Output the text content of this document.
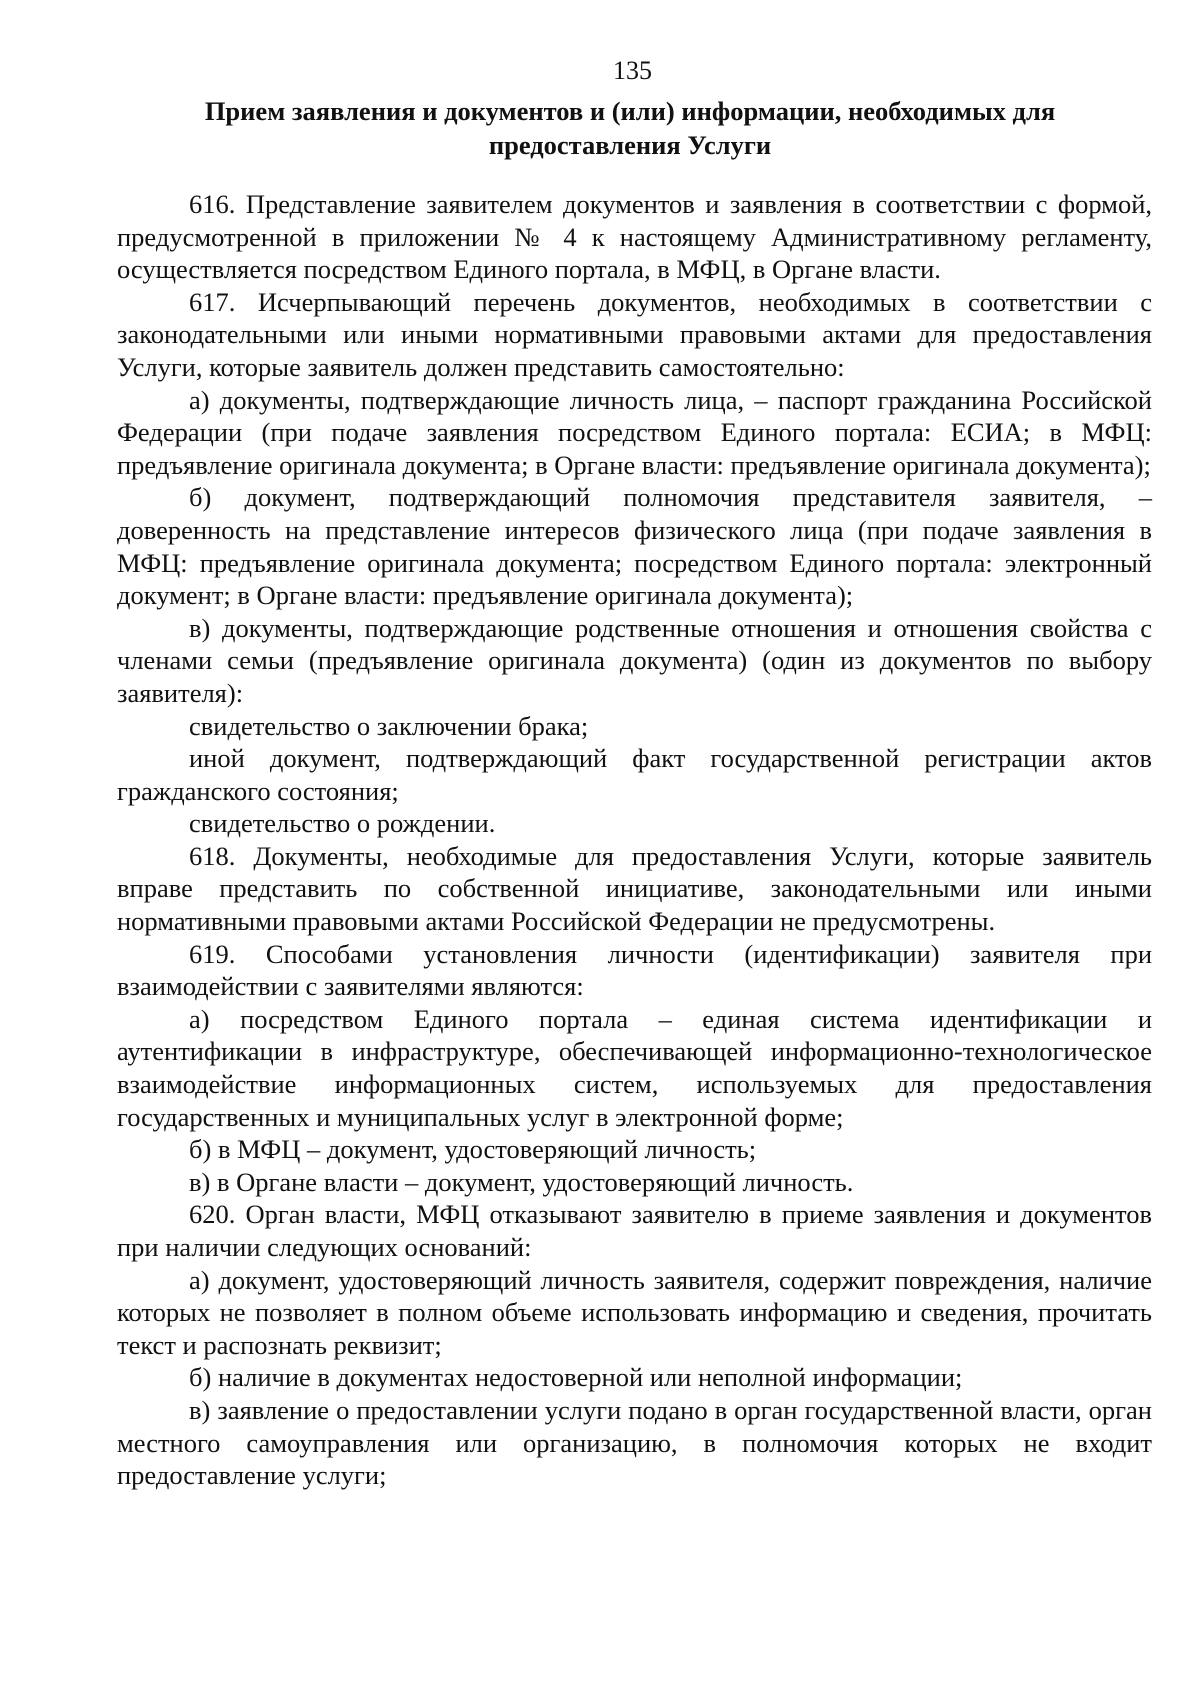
135
Прием заявления и документов и (или) информации, необходимых для
предоставления Услуги

616. Представление заявителем документов и заявления в соответствии с формой, предусмотренной в приложении № 4 к настоящему Административному регламенту, осуществляется посредством Единого портала, в МФЦ, в Органе власти.

617. Исчерпывающий перечень документов, необходимых в соответствии с законодательными или иными нормативными правовыми актами для предоставления Услуги, которые заявитель должен представить самостоятельно:

а) документы, подтверждающие личность лица, – паспорт гражданина Российской Федерации (при подаче заявления посредством Единого портала: ЕСИА; в МФЦ: предъявление оригинала документа; в Органе власти: предъявление оригинала документа);

б) документ, подтверждающий полномочия представителя заявителя, – доверенность на представление интересов физического лица (при подаче заявления в МФЦ: предъявление оригинала документа; посредством Единого портала: электронный документ; в Органе власти: предъявление оригинала документа);

в) документы, подтверждающие родственные отношения и отношения свойства с членами семьи (предъявление оригинала документа) (один из документов по выбору заявителя):

свидетельство о заключении брака;

иной документ, подтверждающий факт государственной регистрации актов гражданского состояния;

свидетельство о рождении.

618. Документы, необходимые для предоставления Услуги, которые заявитель вправе представить по собственной инициативе, законодательными или иными нормативными правовыми актами Российской Федерации не предусмотрены.

619. Способами установления личности (идентификации) заявителя при взаимодействии с заявителями являются:

а) посредством Единого портала – единая система идентификации и аутентификации в инфраструктуре, обеспечивающей информационно-технологическое взаимодействие информационных систем, используемых для предоставления государственных и муниципальных услуг в электронной форме;

б) в МФЦ – документ, удостоверяющий личность;

в) в Органе власти – документ, удостоверяющий личность.

620. Орган власти, МФЦ отказывают заявителю в приеме заявления и документов при наличии следующих оснований:

а) документ, удостоверяющий личность заявителя, содержит повреждения, наличие которых не позволяет в полном объеме использовать информацию и сведения, прочитать текст и распознать реквизит;

б) наличие в документах недостоверной или неполной информации;

в) заявление о предоставлении услуги подано в орган государственной власти, орган местного самоуправления или организацию, в полномочия которых не входит предоставление услуги;
